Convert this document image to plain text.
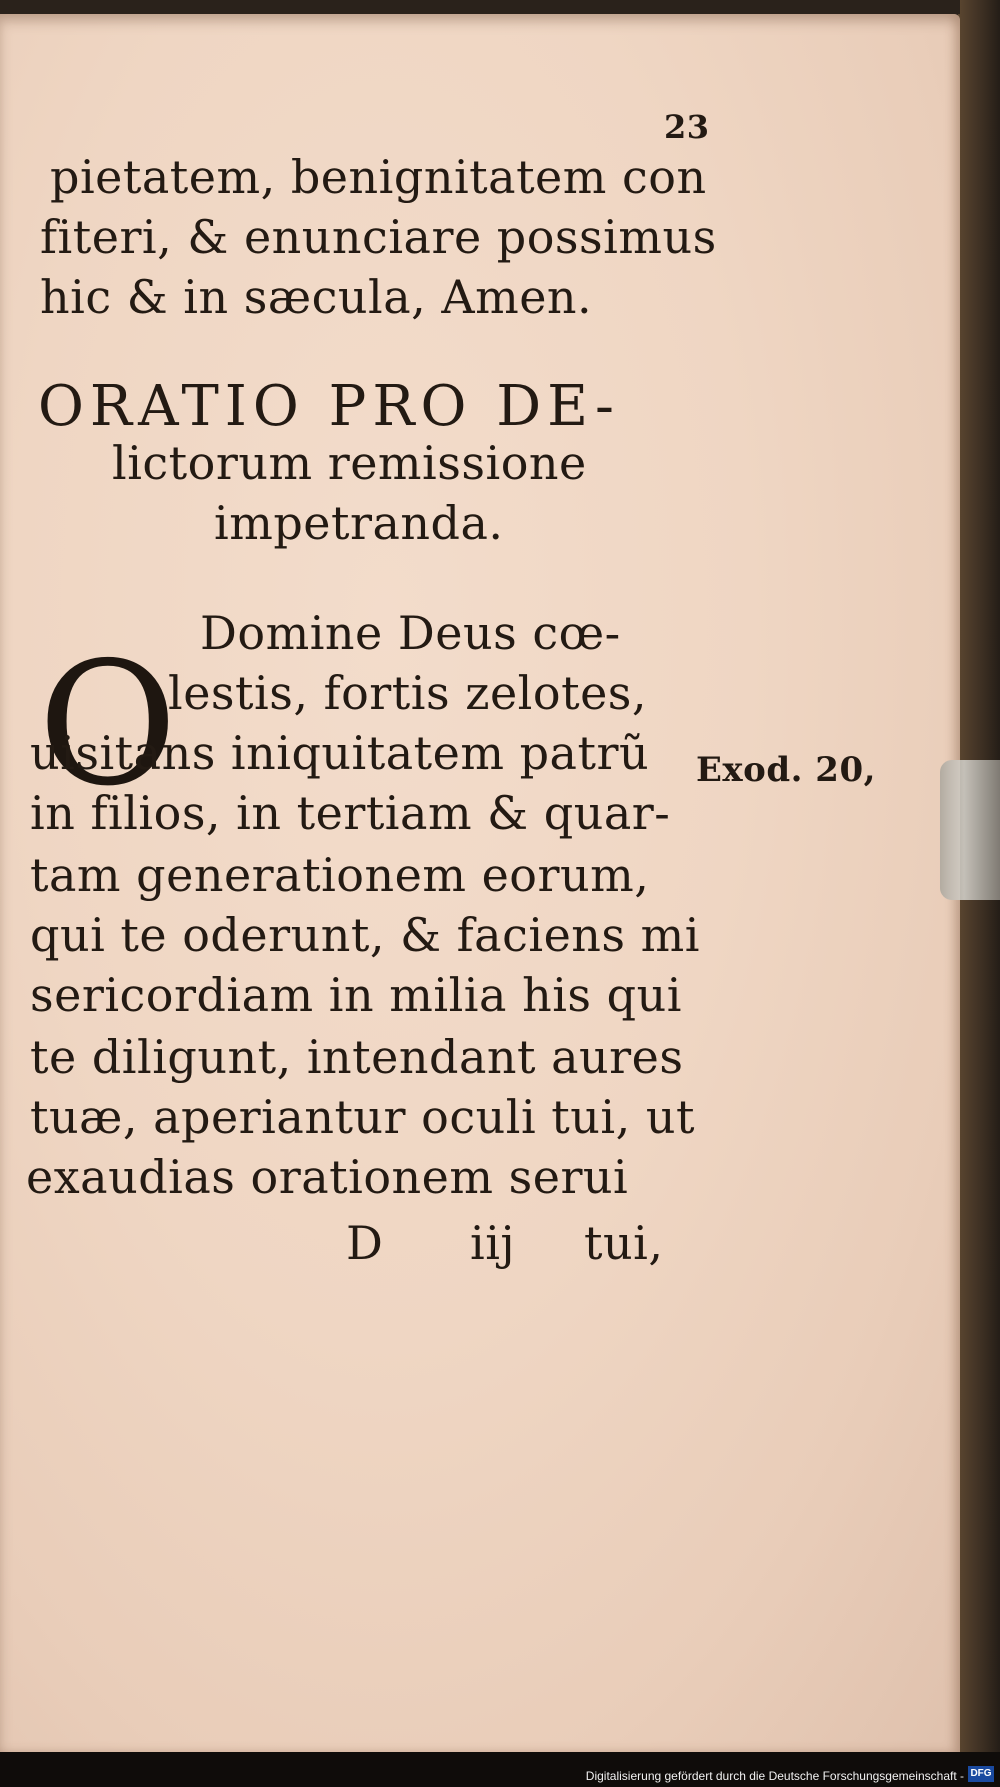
23
pietatem, benignitatem con
fiteri, & enunciare possimus
hic & in sæcula, Amen.
ORATIO PRO DE-
lictorum remissione
impetranda.
O Domine Deus cœ-
lestis, fortis zelotes,
Exod. 20,
uisitans iniquitatem patrũ
in filios, in tertiam & quar-
tam generationem eorum,
qui te oderunt, & faciens mi
sericordiam in milia his qui
te diligunt, intendant aures
tuæ, aperiantur oculi tui, ut
exaudias orationem serui
D iij tui,
Digitalisierung gefördert durch die Deutsche Forschungsgemeinschaft - DFG
